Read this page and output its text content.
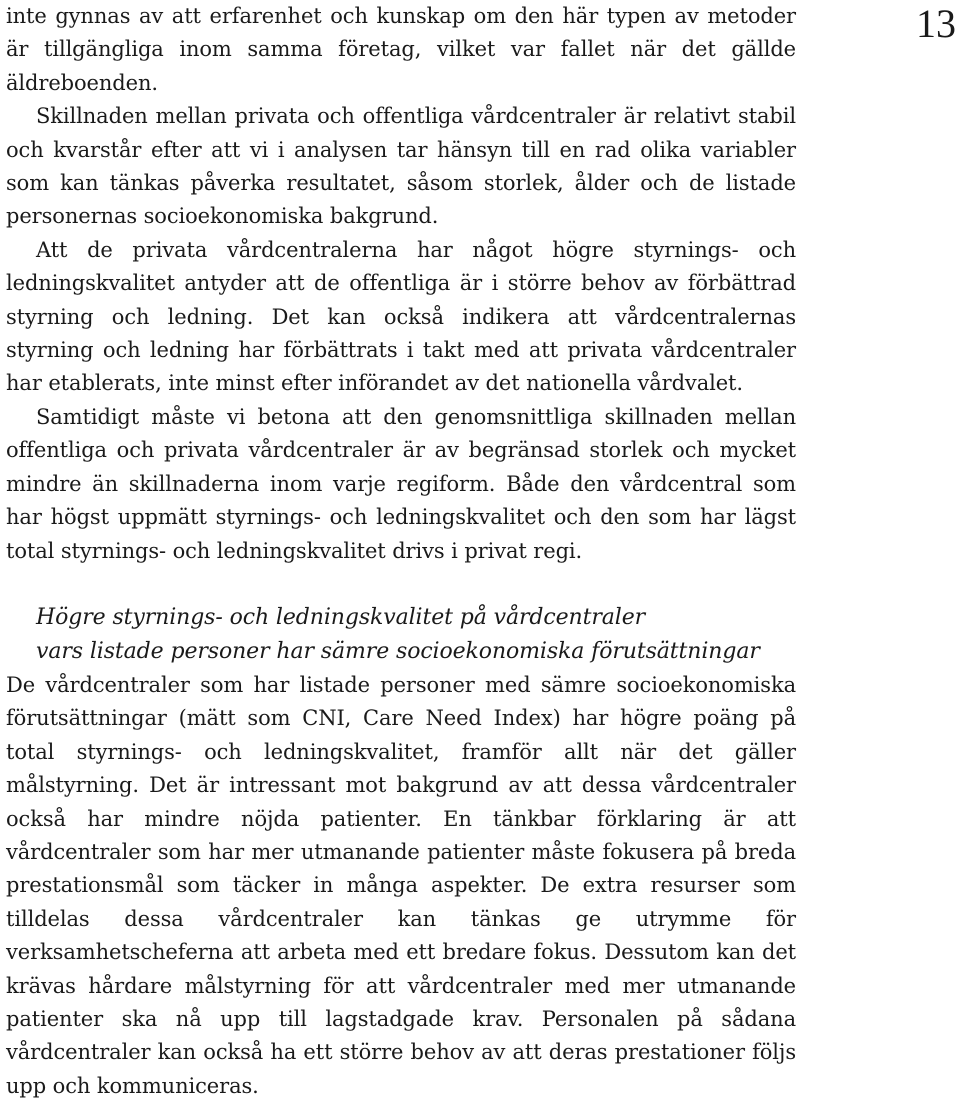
13

inte gynnas av att erfarenhet och kunskap om den här typen av metoder är tillgängliga inom samma företag, vilket var fallet när det gällde äldreboenden.

Skillnaden mellan privata och offentliga vårdcentraler är relativt stabil och kvarstår efter att vi i analysen tar hänsyn till en rad olika variabler som kan tänkas påverka resultatet, såsom storlek, ålder och de listade personernas socioekonomiska bakgrund.

Att de privata vårdcentralerna har något högre styrnings- och ledningskvalitet antyder att de offentliga är i större behov av förbättrad styrning och ledning. Det kan också indikera att vårdcentralernas styrning och ledning har förbättrats i takt med att privata vårdcentraler har etablerats, inte minst efter införandet av det nationella vårdvalet.

Samtidigt måste vi betona att den genomsnittliga skillnaden mellan offentliga och privata vårdcentraler är av begränsad storlek och mycket mindre än skillnaderna inom varje regiform. Både den vårdcentral som har högst uppmätt styrnings- och ledningskvalitet och den som har lägst total styrnings- och ledningskvalitet drivs i privat regi.

Högre styrnings- och ledningskvalitet på vårdcentraler
vars listade personer har sämre socioekonomiska förutsättningar

De vårdcentraler som har listade personer med sämre socioekonomiska förutsättningar (mätt som CNI, Care Need Index) har högre poäng på total styrnings- och ledningskvalitet, framför allt när det gäller målstyrning. Det är intressant mot bakgrund av att dessa vårdcentraler också har mindre nöjda patienter. En tänkbar förklaring är att vårdcentraler som har mer utmanande patienter måste fokusera på breda prestationsmål som täcker in många aspekter. De extra resurser som tilldelas dessa vårdcentraler kan tänkas ge utrymme för verksamhetscheferna att arbeta med ett bredare fokus. Dessutom kan det krävas hårdare målstyrning för att vårdcentraler med mer utmanande patienter ska nå upp till lagstadgade krav. Personalen på sådana vårdcentraler kan också ha ett större behov av att deras prestationer följs upp och kommuniceras.
